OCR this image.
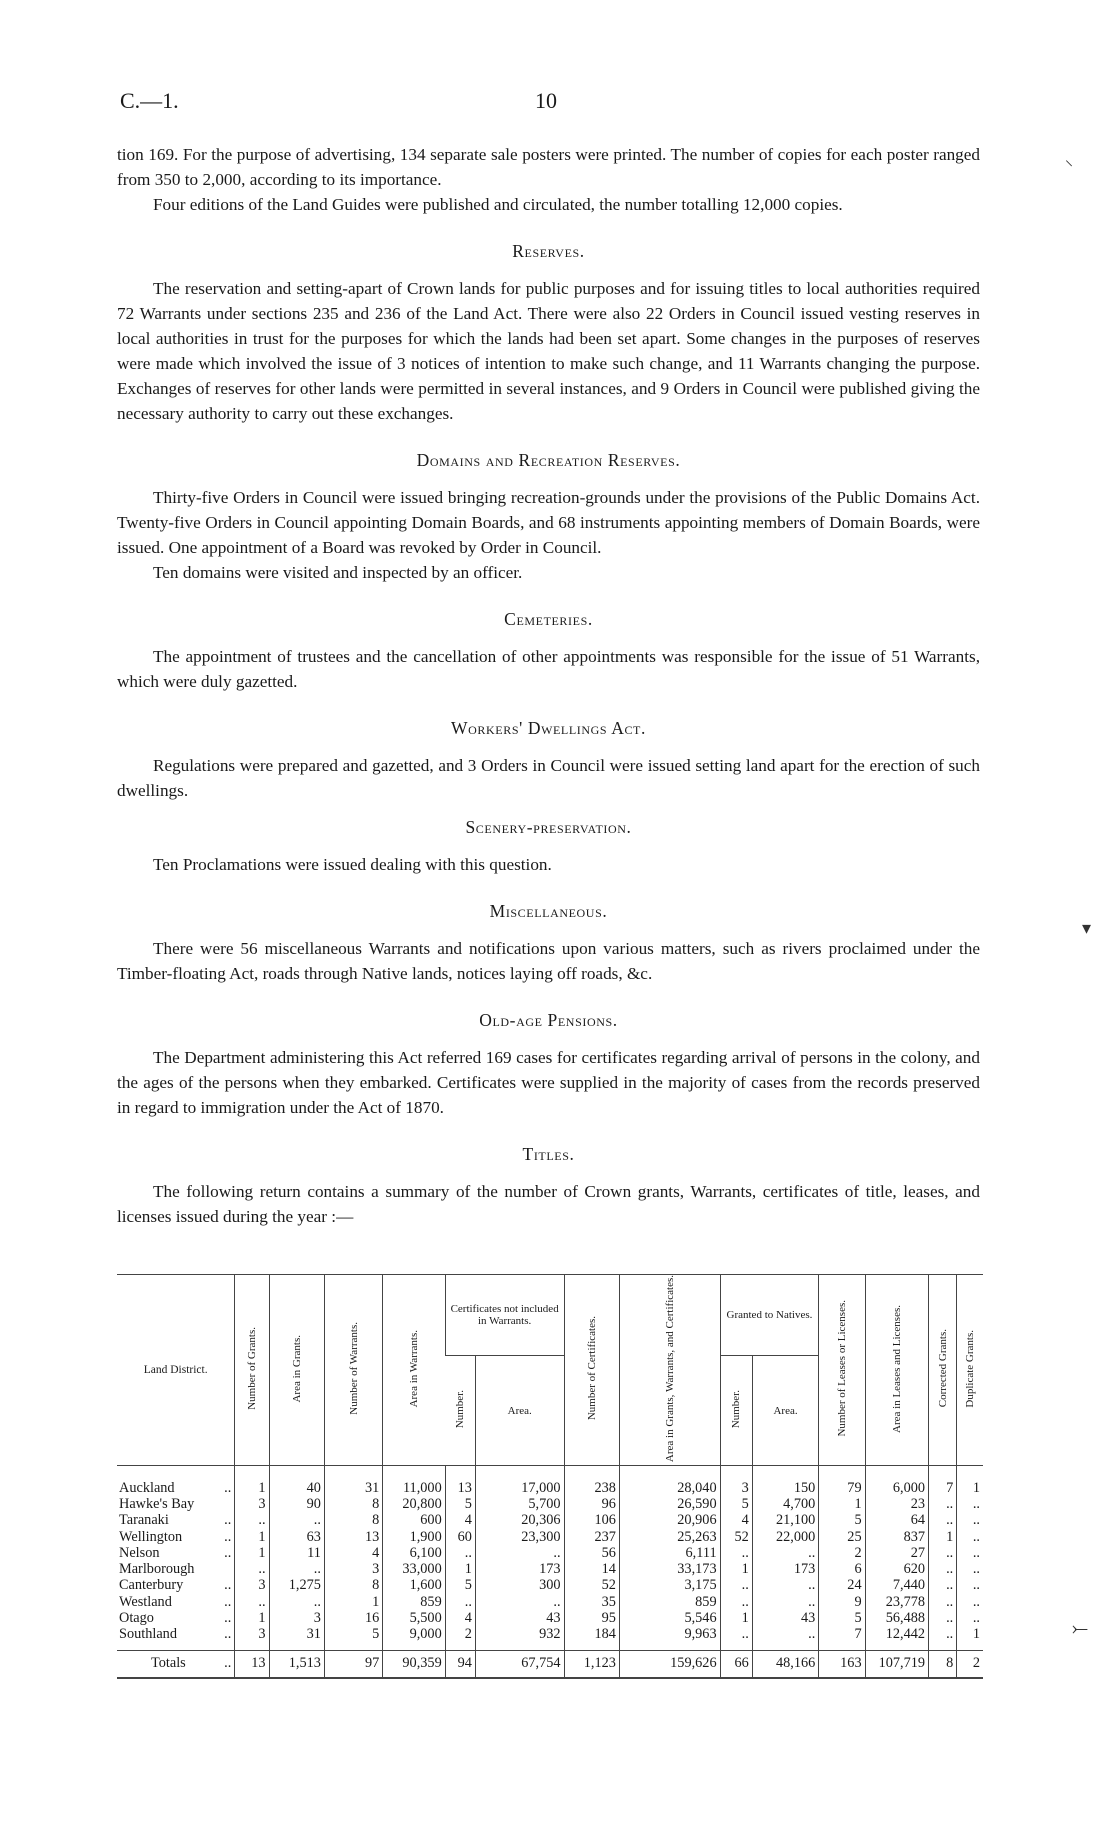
C.—1.	10

tion 169. For the purpose of advertising, 134 separate sale posters were printed. The number of copies for each poster ranged from 350 to 2,000, according to its importance.

Four editions of the Land Guides were published and circulated, the number totalling 12,000 copies.

Reserves.

The reservation and setting-apart of Crown lands for public purposes and for issuing titles to local authorities required 72 Warrants under sections 235 and 236 of the Land Act. There were also 22 Orders in Council issued vesting reserves in local authorities in trust for the purposes for which the lands had been set apart. Some changes in the purposes of reserves were made which involved the issue of 3 notices of intention to make such change, and 11 Warrants changing the purpose. Exchanges of reserves for other lands were permitted in several instances, and 9 Orders in Council were published giving the necessary authority to carry out these exchanges.

Domains and Recreation Reserves.

Thirty-five Orders in Council were issued bringing recreation-grounds under the provisions of the Public Domains Act. Twenty-five Orders in Council appointing Domain Boards, and 68 instruments appointing members of Domain Boards, were issued. One appointment of a Board was revoked by Order in Council.

Ten domains were visited and inspected by an officer.

Cemeteries.

The appointment of trustees and the cancellation of other appointments was responsible for the issue of 51 Warrants, which were duly gazetted.

Workers' Dwellings Act.

Regulations were prepared and gazetted, and 3 Orders in Council were issued setting land apart for the erection of such dwellings.

Scenery-preservation.

Ten Proclamations were issued dealing with this question.

Miscellaneous.

There were 56 miscellaneous Warrants and notifications upon various matters, such as rivers proclaimed under the Timber-floating Act, roads through Native lands, notices laying off roads, &c.

Old-age Pensions.

The Department administering this Act referred 169 cases for certificates regarding arrival of persons in the colony, and the ages of the persons when they embarked. Certificates were supplied in the majority of cases from the records preserved in regard to immigration under the Act of 1870.

Titles.

The following return contains a summary of the number of Crown grants, Warrants, certificates of title, leases, and licenses issued during the year :—

Land District.	Number of Grants.	Area in Grants.	Number of Warrants.	Area in Warrants.	Certificates not included in Warrants.		Number of Certificates.	Area in Grants, Warrants, and Certificates.	Granted to Natives.		Number of Leases or Licenses.	Area in Leases and Licenses.	Corrected Grants.	Duplicate Grants.
					Number.	Area.			Number.	Area.				
Auckland ..	1	40	31	11,000	13	17,000	238	28,040	3	150	79	6,000	7	1
Hawke's Bay	3	90	8	20,800	5	5,700	96	26,590	5	4,700	1	23	..	..
Taranaki ..	..	..	8	600	4	20,306	106	20,906	4	21,100	5	64	..	..
Wellington ..	1	63	13	1,900	60	23,300	237	25,263	52	22,000	25	837	1	..
Nelson ..	1	11	4	6,100	..	..	56	6,111	..	..	2	27	..	..
Marlborough	..	..	3	33,000	1	173	14	33,173	1	173	6	620	..	..
Canterbury ..	3	1,275	8	1,600	5	300	52	3,175	..	..	24	7,440	..	..
Westland ..	..	..	1	859	..	..	35	859	..	..	9	23,778	..	..
Otago ..	1	3	16	5,500	4	43	95	5,546	1	43	5	56,488	..	..
Southland ..	3	31	5	9,000	2	932	184	9,963	..	..	7	12,442	..	1
Totals ..	13	1,513	97	90,359	94	67,754	1,123	159,626	66	48,166	163	107,719	8	2
⸜
▾
⤚
